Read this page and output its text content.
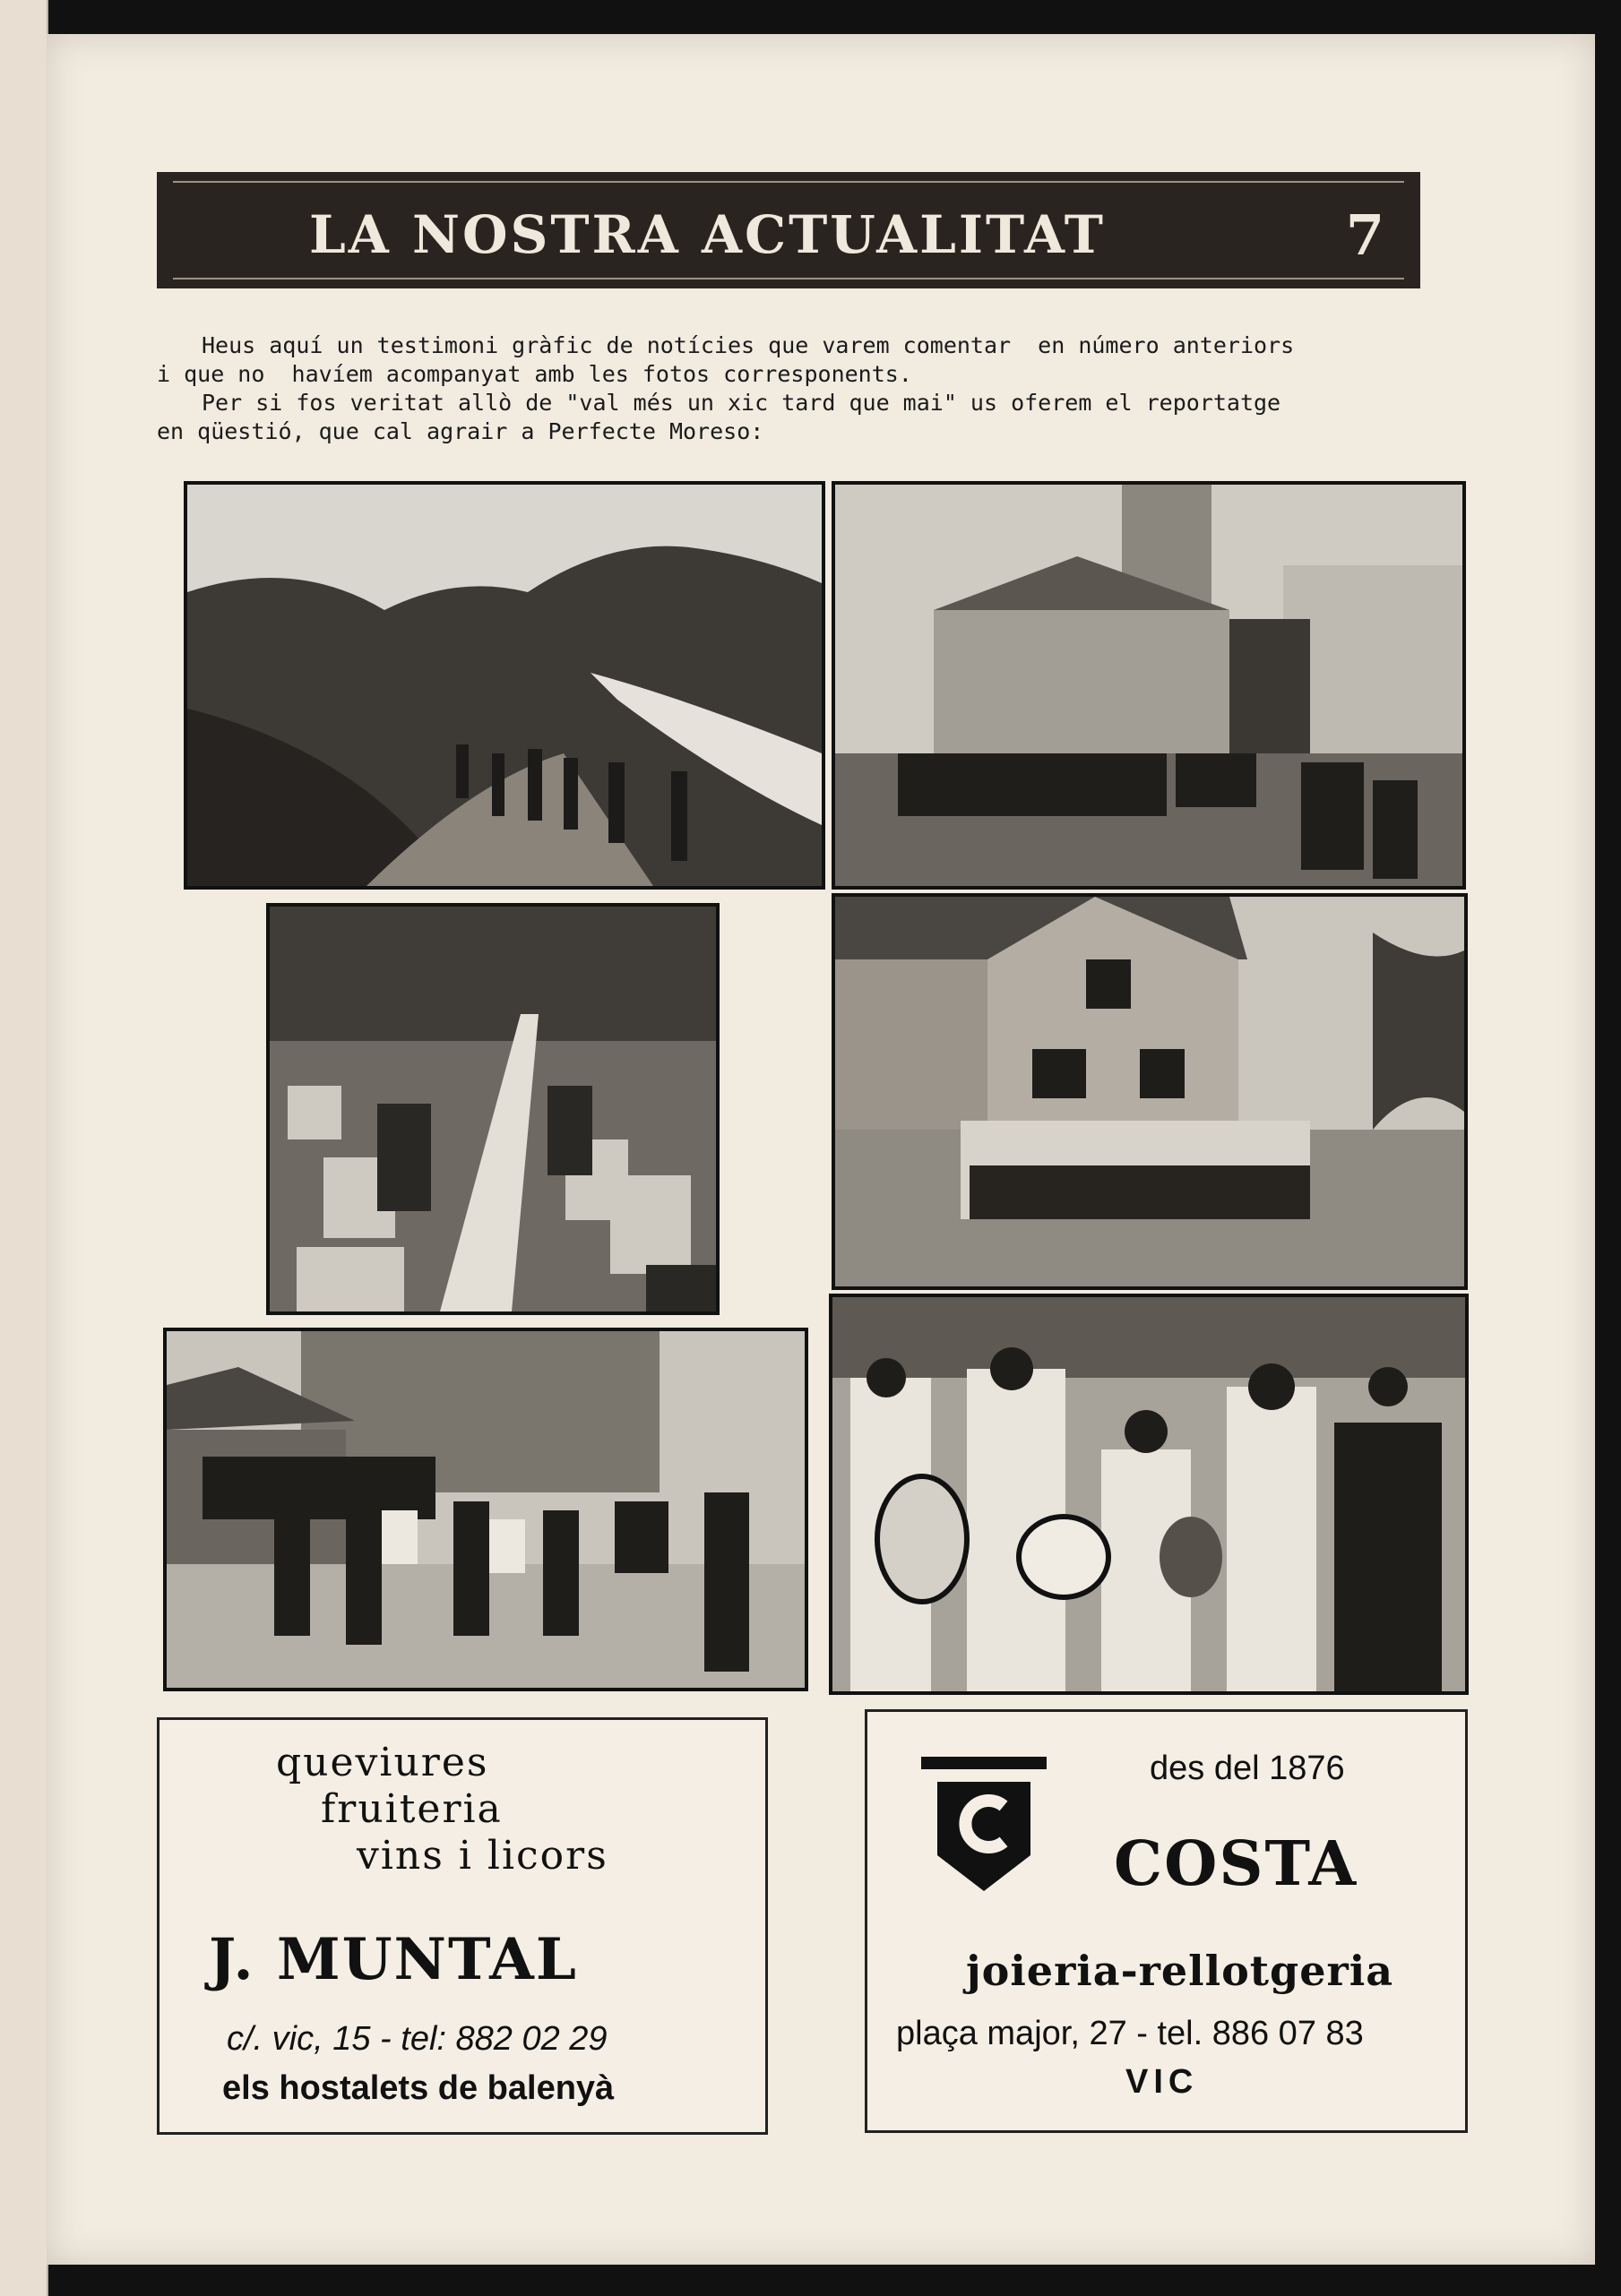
LA NOSTRA ACTUALITAT	7
Heus aquí un testimoni gràfic de notícies que varem comentar  en número anteriors
i que no  havíem acompanyat amb les fotos corresponents.
Per si fos veritat allò de "val més un xic tard que mai" us oferem el reportatge
en qüestió, que cal agrair a Perfecte Moreso:
queviures
fruiteria
vins i licors
J. MUNTAL
c/. vic, 15 - tel: 882 02 29
els hostalets de balenyà
des del 1876
COSTA
joieria-rellotgeria
plaça major, 27 - tel. 886 07 83
VIC
